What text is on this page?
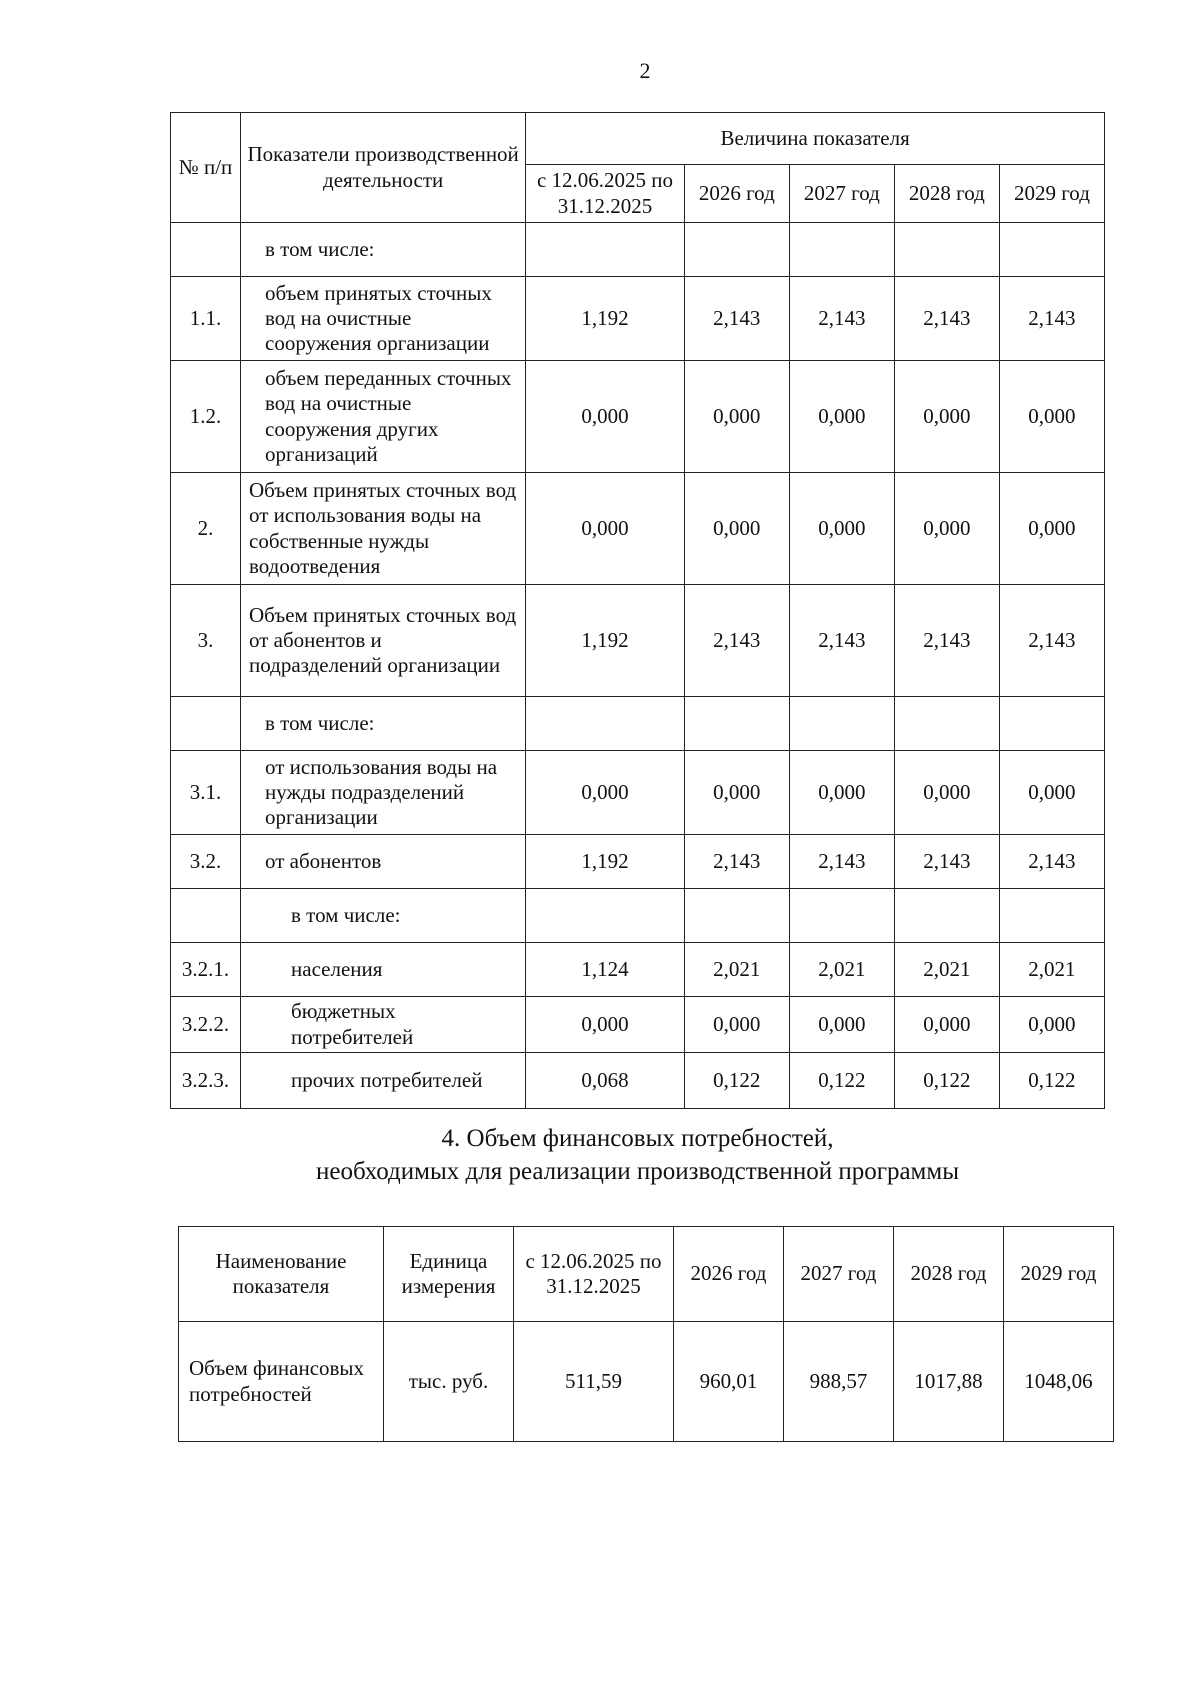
2
№ п/п	Показатели производственной деятельности	Величина показателя				
		с 12.06.2025 по 31.12.2025	2026 год	2027 год	2028 год	2029 год
	в том числе:					
1.1.	объем принятых сточных вод на очистные сооружения организации	1,192	2,143	2,143	2,143	2,143
1.2.	объем переданных сточных вод на очистные сооружения других организаций	0,000	0,000	0,000	0,000	0,000
2.	Объем принятых сточных вод от использования воды на собственные нужды водоотведения	0,000	0,000	0,000	0,000	0,000
3.	Объем принятых сточных вод от абонентов и подразделений организации	1,192	2,143	2,143	2,143	2,143
	в том числе:					
3.1.	от использования воды на нужды подразделений организации	0,000	0,000	0,000	0,000	0,000
3.2.	от абонентов	1,192	2,143	2,143	2,143	2,143
	в том числе:					
3.2.1.	населения	1,124	2,021	2,021	2,021	2,021
3.2.2.	бюджетных потребителей	0,000	0,000	0,000	0,000	0,000
3.2.3.	прочих потребителей	0,068	0,122	0,122	0,122	0,122
4. Объем финансовых потребностей,
необходимых для реализации производственной программы
Наименование показателя	Единица измерения	с 12.06.2025 по 31.12.2025	2026 год	2027 год	2028 год	2029 год
Объем финансовых потребностей	тыс. руб.	511,59	960,01	988,57	1017,88	1048,06
